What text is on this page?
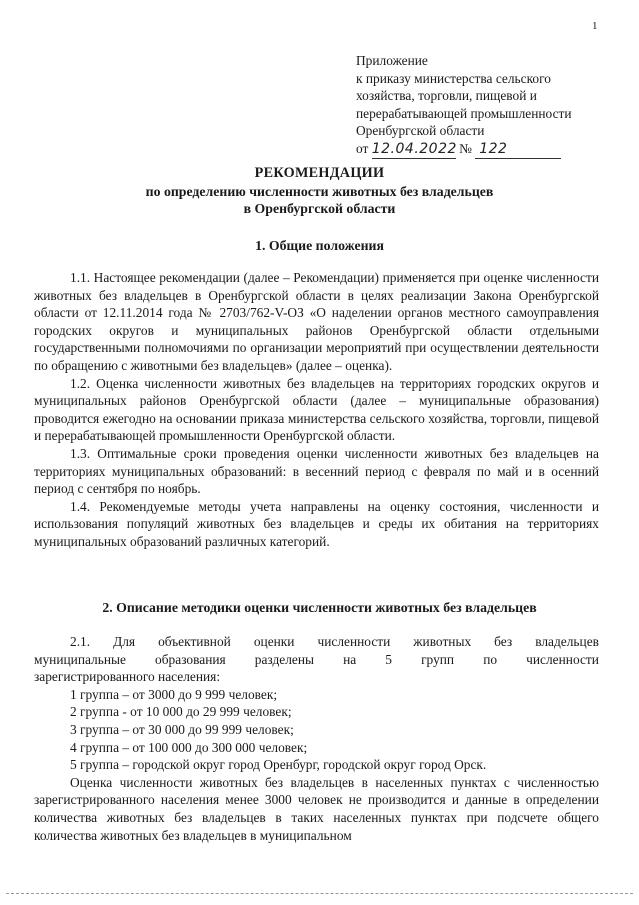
1
Приложение
к приказу министерства сельского
хозяйства, торговли, пищевой и
перерабатывающей промышленности
Оренбургской области
от 12.04.2022 № 122
РЕКОМЕНДАЦИИ
по определению численности животных без владельцев
в Оренбургской области
1. Общие положения

1.1. Настоящее рекомендации (далее – Рекомендации) применяется при оценке численности животных без владельцев в Оренбургской области в целях реализации Закона Оренбургской области от 12.11.2014 года № 2703/762-V-ОЗ «О наделении органов местного самоуправления городских округов и муниципальных районов Оренбургской области отдельными государственными полномочиями по организации мероприятий при осуществлении деятельности по обращению с животными без владельцев» (далее – оценка).

1.2. Оценка численности животных без владельцев на территориях городских округов и муниципальных районов Оренбургской области (далее – муниципальные образования) проводится ежегодно на основании приказа министерства сельского хозяйства, торговли, пищевой и перерабатывающей промышленности Оренбургской области.

1.3. Оптимальные сроки проведения оценки численности животных без владельцев на территориях муниципальных образований: в весенний период с февраля по май и в осенний период с сентября по ноябрь.

1.4. Рекомендуемые методы учета направлены на оценку состояния, численности и использования популяций животных без владельцев и среды их обитания на территориях муниципальных образований различных категорий.

2. Описание методики оценки численности животных без владельцев
2.1. Для объективной оценки численности животных без владельцев
муниципальные образования разделены на 5 групп по численности
зарегистрированного населения:
1 группа – от 3000 до 9 999 человек;
2 группа - от 10 000 до 29 999 человек;
3 группа – от 30 000 до 99 999 человек;
4 группа – от 100 000 до 300 000 человек;
5 группа – городской округ город Оренбург, городской округ город Орск.

Оценка численности животных без владельцев в населенных пунктах с численностью зарегистрированного населения менее 3000 человек не производится и данные в определении количества животных без владельцев в таких населенных пунктах при подсчете общего количества животных без владельцев в муниципальном
